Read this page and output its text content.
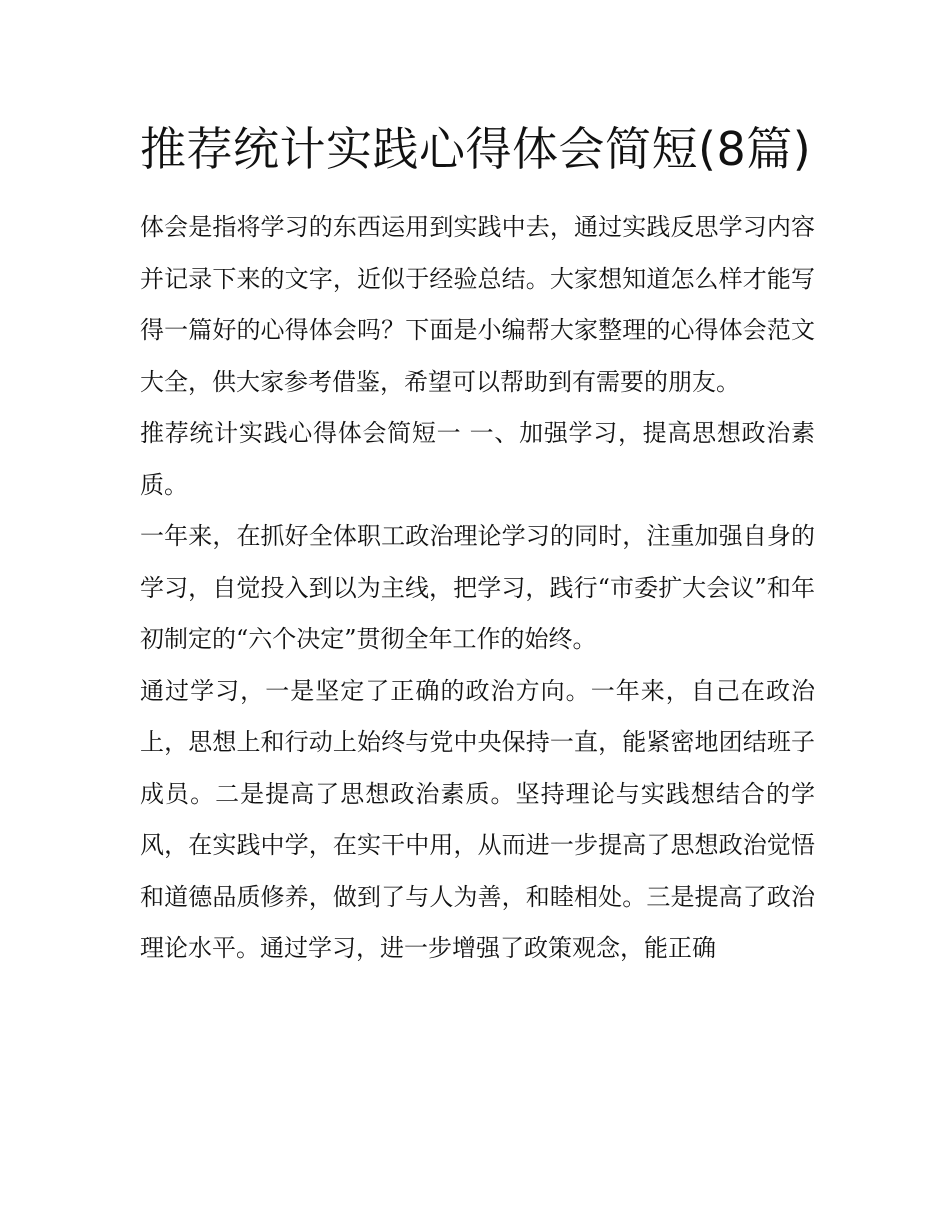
推荐统计实践心得体会简短(8篇)

体会是指将学习的东西运用到实践中去，通过实践反思学习内容并记录下来的文字，近似于经验总结。大家想知道怎么样才能写得一篇好的心得体会吗？下面是小编帮大家整理的心得体会范文大全，供大家参考借鉴，希望可以帮助到有需要的朋友。

推荐统计实践心得体会简短一 一、加强学习，提高思想政治素质。

一年来，在抓好全体职工政治理论学习的同时，注重加强自身的学习，自觉投入到以为主线，把学习，践行“市委扩大会议”和年初制定的“六个决定”贯彻全年工作的始终。

通过学习，一是坚定了正确的政治方向。一年来，自己在政治上，思想上和行动上始终与党中央保持一直，能紧密地团结班子成员。二是提高了思想政治素质。坚持理论与实践想结合的学风，在实践中学，在实干中用，从而进一步提高了思想政治觉悟和道德品质修养，做到了与人为善，和睦相处。三是提高了政治理论水平。通过学习，进一步增强了政策观念，能正确
